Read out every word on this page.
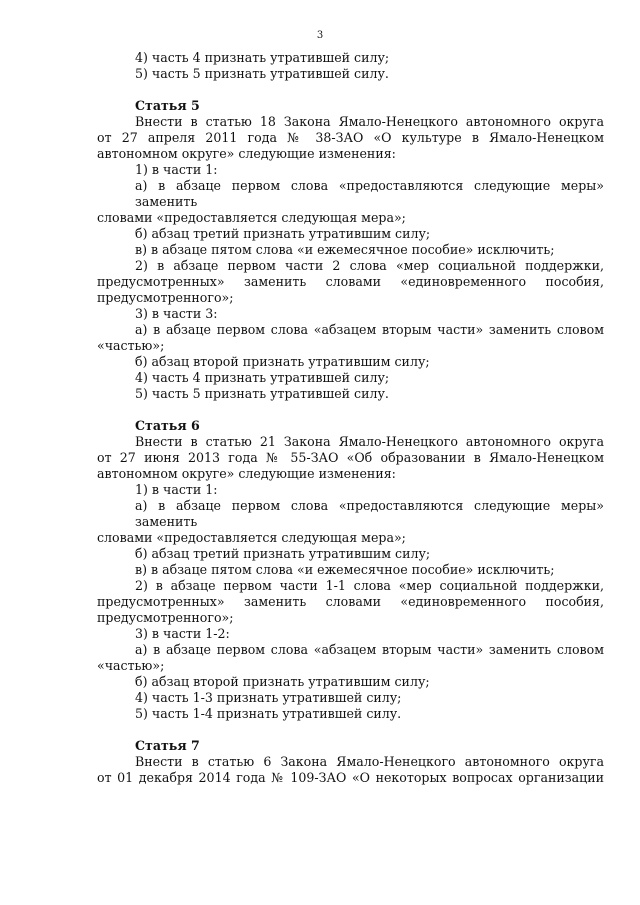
3
4) часть 4 признать утратившей силу;
5) часть 5 признать утратившей силу.
Статья 5
Внести в статью 18 Закона Ямало-Ненецкого автономного округа
от 27 апреля 2011 года № 38-ЗАО «О культуре в Ямало-Ненецком
автономном округе» следующие изменения:
1) в части 1:
а) в абзаце первом слова «предоставляются следующие меры» заменить
словами «предоставляется следующая мера»;
б) абзац третий признать утратившим силу;
в) в абзаце пятом слова «и ежемесячное пособие» исключить;
2) в абзаце первом части 2 слова «мер социальной поддержки,
предусмотренных» заменить словами «единовременного пособия,
предусмотренного»;
3) в части 3:
а) в абзаце первом слова «абзацем вторым части» заменить словом
«частью»;
б) абзац второй признать утратившим силу;
4) часть 4 признать утратившей силу;
5) часть 5 признать утратившей силу.
Статья 6
Внести в статью 21 Закона Ямало-Ненецкого автономного округа
от 27 июня 2013 года № 55-ЗАО «Об образовании в Ямало-Ненецком
автономном округе» следующие изменения:
1) в части 1:
а) в абзаце первом слова «предоставляются следующие меры» заменить
словами «предоставляется следующая мера»;
б) абзац третий признать утратившим силу;
в) в абзаце пятом слова «и ежемесячное пособие» исключить;
2) в абзаце первом части 1-1 слова «мер социальной поддержки,
предусмотренных» заменить словами «единовременного пособия,
предусмотренного»;
3) в части 1-2:
а) в абзаце первом слова «абзацем вторым части» заменить словом
«частью»;
б) абзац второй признать утратившим силу;
4) часть 1-3 признать утратившей силу;
5) часть 1-4 признать утратившей силу.
Статья 7
Внести в статью 6 Закона Ямало-Ненецкого автономного округа
от 01 декабря 2014 года № 109-ЗАО «О некоторых вопросах организации
